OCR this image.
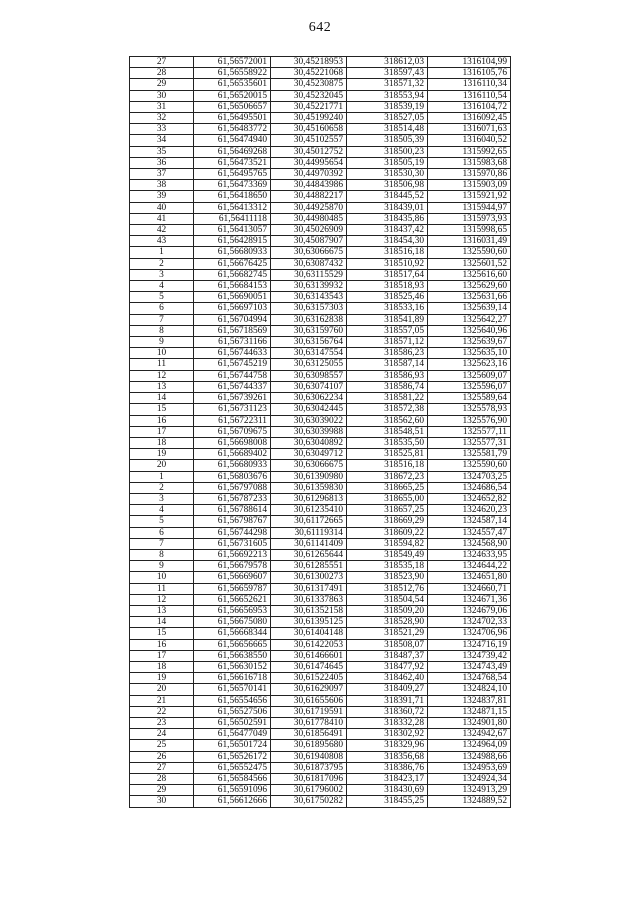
642
27	61,56572001	30,45218953	318612,03	1316104,99
28	61,56558922	30,45221068	318597,43	1316105,76
29	61,56535601	30,45230875	318571,32	1316110,34
30	61,56520015	30,45232045	318553,94	1316110,54
31	61,56506657	30,45221771	318539,19	1316104,72
32	61,56495501	30,45199240	318527,05	1316092,45
33	61,56483772	30,45160658	318514,48	1316071,63
34	61,56474940	30,45102557	318505,39	1316040,52
35	61,56469268	30,45012752	318500,23	1315992,65
36	61,56473521	30,44995654	318505,19	1315983,68
37	61,56495765	30,44970392	318530,30	1315970,86
38	61,56473369	30,44843986	318506,98	1315903,09
39	61,56418650	30,44882217	318445,52	1315921,92
40	61,56413312	30,44925870	318439,01	1315944,97
41	61,56411118	30,44980485	318435,86	1315973,93
42	61,56413057	30,45026909	318437,42	1315998,65
43	61,56428915	30,45087907	318454,30	1316031,49
1	61,56680933	30,63066675	318516,18	1325590,60
2	61,56676425	30,63087432	318510,92	1325601,52
3	61,56682745	30,63115529	318517,64	1325616,60
4	61,56684153	30,63139932	318518,93	1325629,60
5	61,56690051	30,63143543	318525,46	1325631,66
6	61,56697103	30,63157303	318533,16	1325639,14
7	61,56704994	30,63162838	318541,89	1325642,27
8	61,56718569	30,63159760	318557,05	1325640,96
9	61,56731166	30,63156764	318571,12	1325639,67
10	61,56744633	30,63147554	318586,23	1325635,10
11	61,56745219	30,63125055	318587,14	1325623,16
12	61,56744758	30,63098557	318586,93	1325609,07
13	61,56744337	30,63074107	318586,74	1325596,07
14	61,56739261	30,63062234	318581,22	1325589,64
15	61,56731123	30,63042445	318572,38	1325578,93
16	61,56722311	30,63039022	318562,60	1325576,90
17	61,56709675	30,63039988	318548,51	1325577,11
18	61,56698008	30,63040892	318535,50	1325577,31
19	61,56689402	30,63049712	318525,81	1325581,79
20	61,56680933	30,63066675	318516,18	1325590,60
1	61,56803676	30,61390980	318672,23	1324703,25
2	61,56797088	30,61359830	318665,25	1324686,54
3	61,56787233	30,61296813	318655,00	1324652,82
4	61,56788614	30,61235410	318657,25	1324620,23
5	61,56798767	30,61172665	318669,29	1324587,14
6	61,56744298	30,61119314	318609,22	1324557,47
7	61,56731605	30,61141409	318594,82	1324568,90
8	61,56692213	30,61265644	318549,49	1324633,95
9	61,56679578	30,61285551	318535,18	1324644,22
10	61,56669607	30,61300273	318523,90	1324651,80
11	61,56659787	30,61317491	318512,76	1324660,71
12	61,56652621	30,61337863	318504,54	1324671,36
13	61,56656953	30,61352158	318509,20	1324679,06
14	61,56675080	30,61395125	318528,90	1324702,33
15	61,56668344	30,61404148	318521,29	1324706,96
16	61,56656665	30,61422053	318508,07	1324716,19
17	61,56638550	30,61466601	318487,37	1324739,42
18	61,56630152	30,61474645	318477,92	1324743,49
19	61,56616718	30,61522405	318462,40	1324768,54
20	61,56570141	30,61629097	318409,27	1324824,10
21	61,56554656	30,61655606	318391,71	1324837,81
22	61,56527506	30,61719591	318360,72	1324871,15
23	61,56502591	30,61778410	318332,28	1324901,80
24	61,56477049	30,61856491	318302,92	1324942,67
25	61,56501724	30,61895680	318329,96	1324964,09
26	61,56526172	30,61940808	318356,68	1324988,66
27	61,56552475	30,61873795	318386,76	1324953,69
28	61,56584566	30,61817096	318423,17	1324924,34
29	61,56591096	30,61796002	318430,69	1324913,29
30	61,56612666	30,61750282	318455,25	1324889,52
